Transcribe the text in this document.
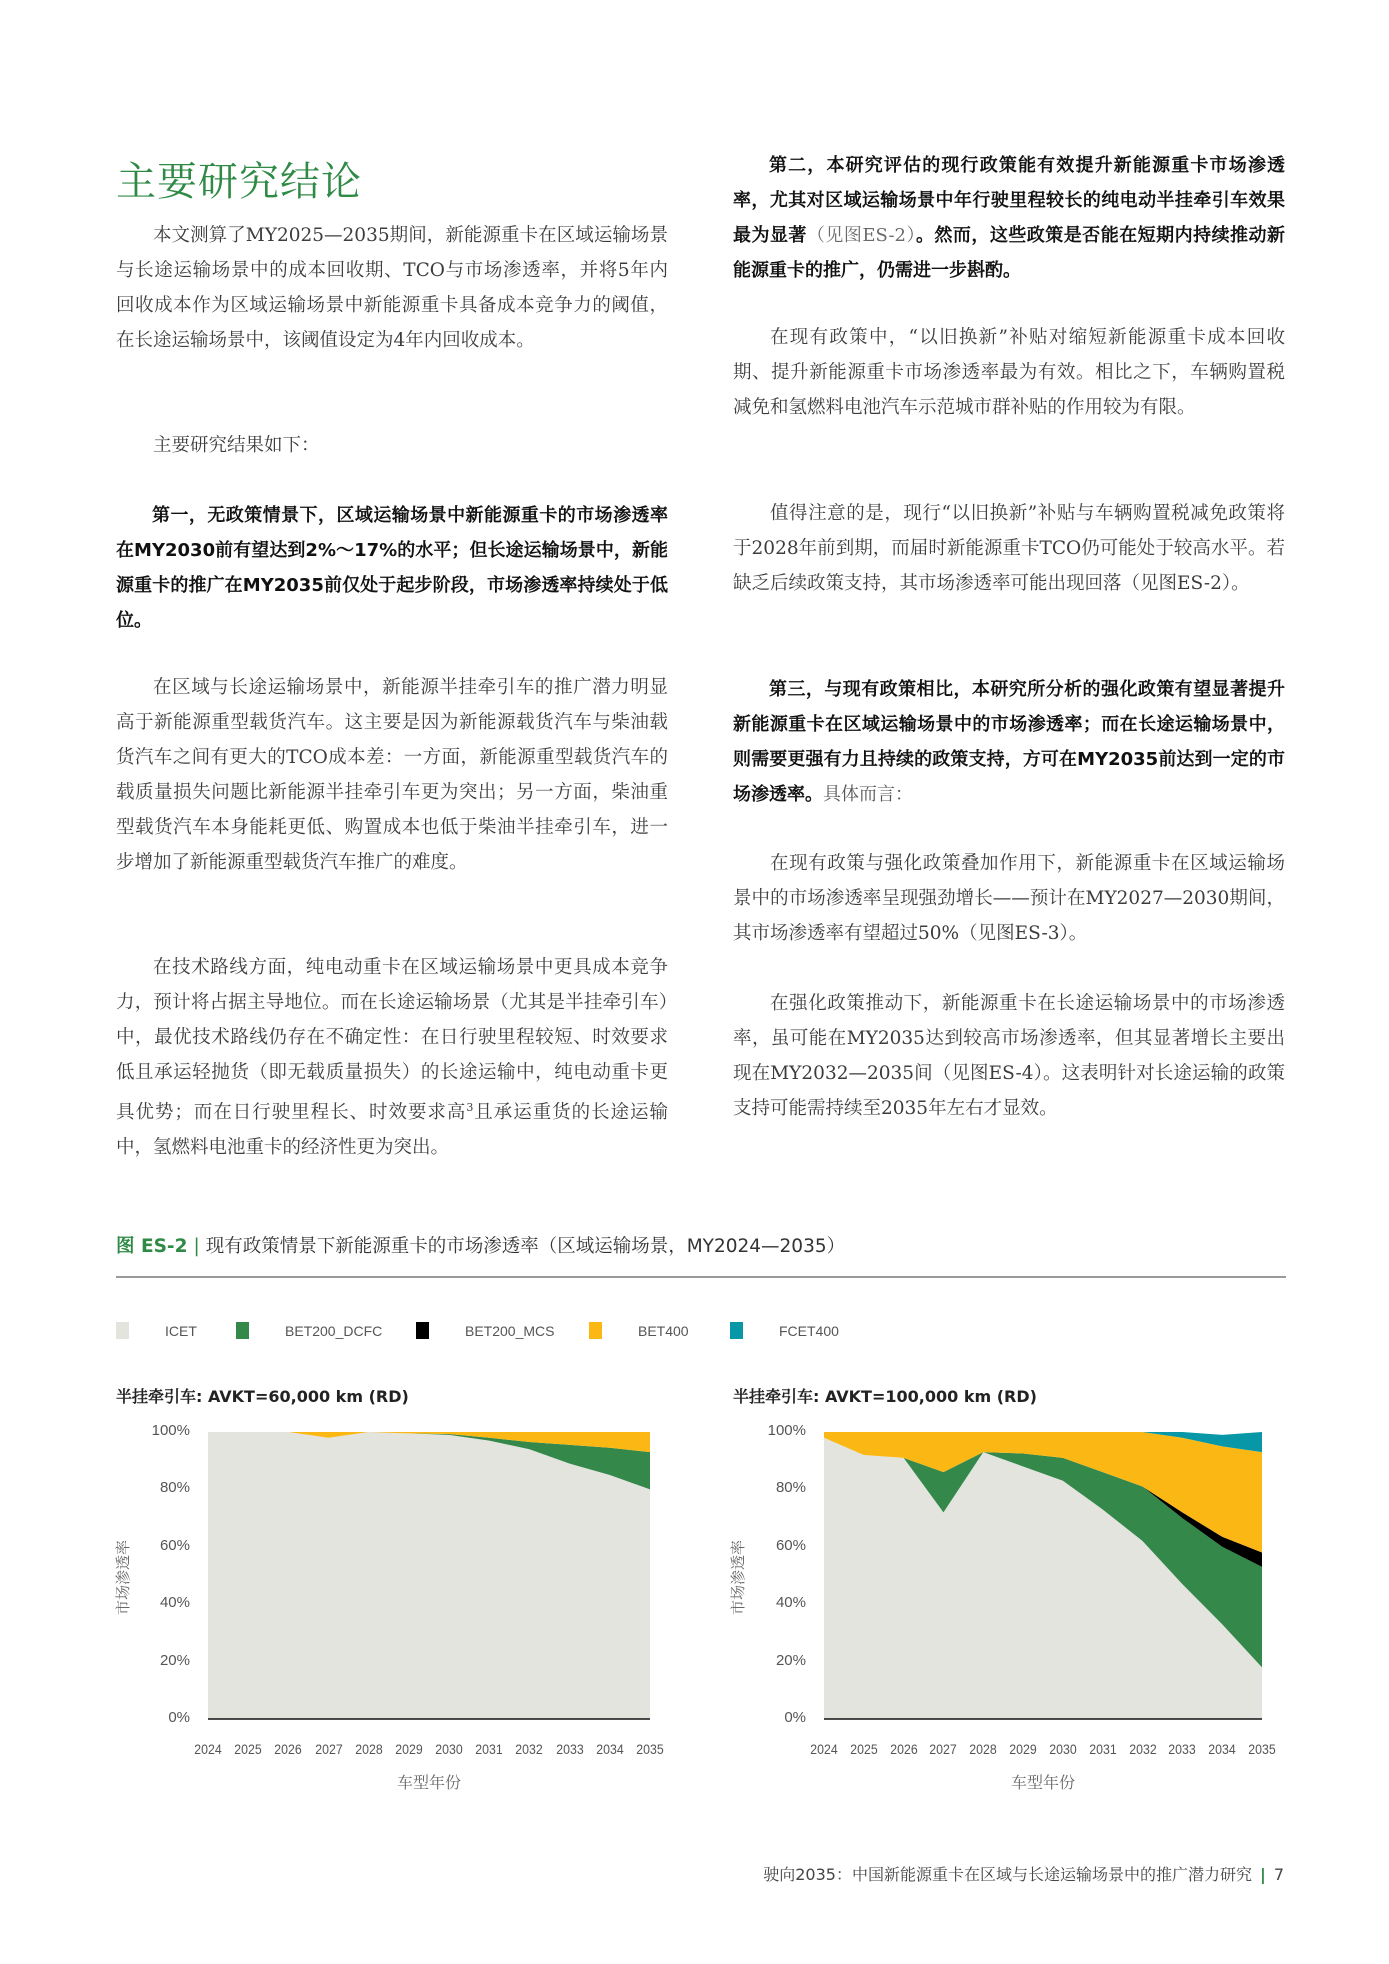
主要研究结论

本文测算了MY2025—2035期间，新能源重卡在区域运输场景与长途运输场景中的成本回收期、TCO与市场渗透率，并将5年内回收成本作为区域运输场景中新能源重卡具备成本竞争力的阈值，在长途运输场景中，该阈值设定为4年内回收成本。

主要研究结果如下：

第一，无政策情景下，区域运输场景中新能源重卡的市场渗透率在MY2030前有望达到2%～17%的水平；但长途运输场景中，新能源重卡的推广在MY2035前仅处于起步阶段，市场渗透率持续处于低位。

在区域与长途运输场景中，新能源半挂牵引车的推广潜力明显高于新能源重型载货汽车。这主要是因为新能源载货汽车与柴油载货汽车之间有更大的TCO成本差：一方面，新能源重型载货汽车的载质量损失问题比新能源半挂牵引车更为突出；另一方面，柴油重型载货汽车本身能耗更低、购置成本也低于柴油半挂牵引车，进一步增加了新能源重型载货汽车推广的难度。

在技术路线方面，纯电动重卡在区域运输场景中更具成本竞争力，预计将占据主导地位。而在长途运输场景（尤其是半挂牵引车）中，最优技术路线仍存在不确定性：在日行驶里程较短、时效要求低且承运轻抛货（即无载质量损失）的长途运输中，纯电动重卡更具优势；而在日行驶里程长、时效要求高$^3$且承运重货的长途运输中，氢燃料电池重卡的经济性更为突出。

第二，本研究评估的现行政策能有效提升新能源重卡市场渗透率，尤其对区域运输场景中年行驶里程较长的纯电动半挂牵引车效果最为显著（见图ES-2）。然而，这些政策是否能在短期内持续推动新能源重卡的推广，仍需进一步斟酌。

在现有政策中，“以旧换新”补贴对缩短新能源重卡成本回收期、提升新能源重卡市场渗透率最为有效。相比之下，车辆购置税减免和氢燃料电池汽车示范城市群补贴的作用较为有限。

值得注意的是，现行“以旧换新”补贴与车辆购置税减免政策将于2028年前到期，而届时新能源重卡TCO仍可能处于较高水平。若缺乏后续政策支持，其市场渗透率可能出现回落（见图ES-2）。

第三，与现有政策相比，本研究所分析的强化政策有望显著提升新能源重卡在区域运输场景中的市场渗透率；而在长途运输场景中，则需要更强有力且持续的政策支持，方可在MY2035前达到一定的市场渗透率。具体而言：

在现有政策与强化政策叠加作用下，新能源重卡在区域运输场景中的市场渗透率呈现强劲增长——预计在MY2027—2030期间，其市场渗透率有望超过50%（见图ES-3）。

在强化政策推动下，新能源重卡在长途运输场景中的市场渗透率，虽可能在MY2035达到较高市场渗透率，但其显著增长主要出现在MY2032—2035间（见图ES-4）。这表明针对长途运输的政策支持可能需持续至2035年左右才显效。

图 ES-2 | 现有政策情景下新能源重卡的市场渗透率（区域运输场景，MY2024—2035）
ICET	BET200_DCFC	BET200_MCS	BET400	FCET400
半挂牵引车: AVKT=60,000 km (RD)
0%
20%
40%
60%
80%
100%
2024 2025 2026 2027 2028 2029 2030 2031 2032 2033 2034 2035
市场渗透率
车型年份
半挂牵引车: AVKT=100,000 km (RD)
0%
20%
40%
60%
80%
100%
2024 2025 2026 2027 2028 2029 2030 2031 2032 2033 2034 2035
市场渗透率
车型年份
驶向2035：中国新能源重卡在区域与长途运输场景中的推广潜力研究 | 7
